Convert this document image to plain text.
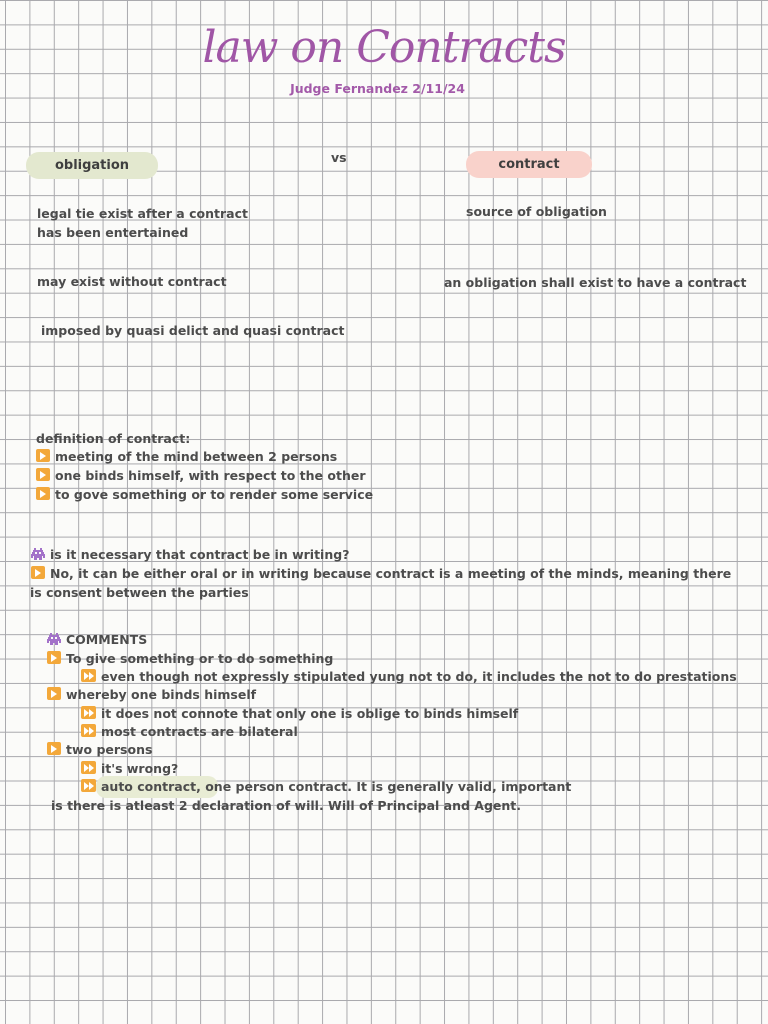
law on Contracts
Judge Fernandez 2/11/24
obligation
vs	contract
legal tie exist after a contract
has been entertained
may exist without contract
imposed by quasi delict and quasi contract
source of obligation
an obligation shall exist to have a contract
definition of contract:
meeting of the mind between 2 persons
one binds himself, with respect to the other
to gove something or to render some service
is it necessary that contract be in writing?
No, it can be either oral or in writing because contract is a meeting of the minds, meaning there
is consent between the parties
COMMENTS
To give something or to do something
even though not expressly stipulated yung not to do, it includes the not to do prestations
whereby one binds himself
it does not connote that only one is oblige to binds himself
most contracts are bilateral
two persons
it's wrong?
auto contract, one person contract. It is generally valid, important
is there is atleast 2 declaration of will. Will of Principal and Agent.
